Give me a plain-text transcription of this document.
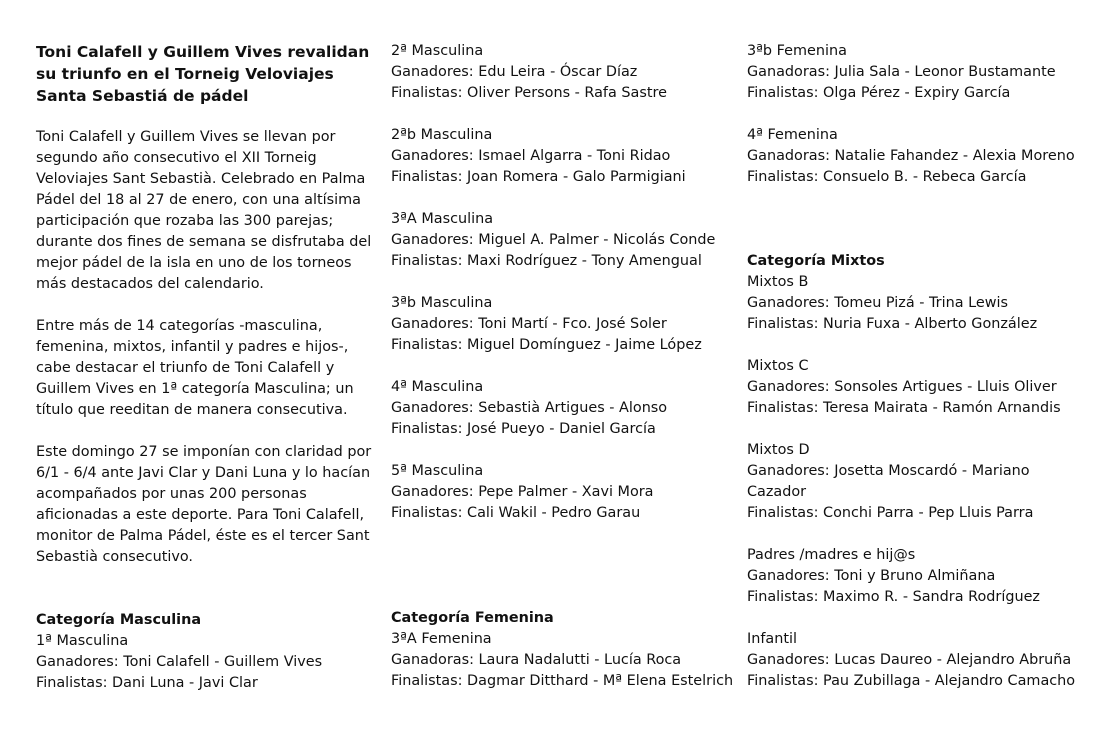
Toni Calafell y Guillem Vives revalidan
su triunfo en el Torneig Veloviajes
Santa Sebastiá de pádel
Toni Calafell y Guillem Vives se llevan por
segundo año consecutivo el XII Torneig
Veloviajes Sant Sebastià. Celebrado en Palma
Pádel del 18 al 27 de enero, con una altísima
participación que rozaba las 300 parejas;
durante dos fines de semana se disfrutaba del
mejor pádel de la isla en uno de los torneos
más destacados del calendario.
Entre más de 14 categorías -masculina,
femenina, mixtos, infantil y padres e hijos-,
cabe destacar el triunfo de Toni Calafell y
Guillem Vives en 1ª categoría Masculina; un
título que reeditan de manera consecutiva.
Este domingo 27 se imponían con claridad por
6/1 - 6/4 ante Javi Clar y Dani Luna y lo hacían
acompañados por unas 200 personas
aficionadas a este deporte. Para Toni Calafell,
monitor de Palma Pádel, éste es el tercer Sant
Sebastià consecutivo.
Categoría Masculina
1ª Masculina
Ganadores: Toni Calafell - Guillem Vives
Finalistas: Dani Luna - Javi Clar
2ª Masculina
Ganadores: Edu Leira - Óscar Díaz
Finalistas: Oliver Persons - Rafa Sastre
2ªb Masculina
Ganadores: Ismael Algarra - Toni Ridao
Finalistas: Joan Romera - Galo Parmigiani
3ªA Masculina
Ganadores: Miguel A. Palmer - Nicolás Conde
Finalistas: Maxi Rodríguez - Tony Amengual
3ªb Masculina
Ganadores: Toni Martí - Fco. José Soler
Finalistas: Miguel Domínguez - Jaime López
4ª Masculina
Ganadores: Sebastià Artigues - Alonso
Finalistas: José Pueyo - Daniel García
5ª Masculina
Ganadores: Pepe Palmer - Xavi Mora
Finalistas: Cali Wakil - Pedro Garau
Categoría Femenina
3ªA Femenina
Ganadoras: Laura Nadalutti - Lucía Roca
Finalistas: Dagmar Ditthard - Mª Elena Estelrich
3ªb Femenina
Ganadoras: Julia Sala - Leonor Bustamante
Finalistas: Olga Pérez - Expiry García
4ª Femenina
Ganadoras: Natalie Fahandez - Alexia Moreno
Finalistas: Consuelo B. - Rebeca García
Categoría Mixtos
Mixtos B
Ganadores: Tomeu Pizá - Trina Lewis
Finalistas: Nuria Fuxa - Alberto González
Mixtos C
Ganadores: Sonsoles Artigues - Lluis Oliver
Finalistas: Teresa Mairata - Ramón Arnandis
Mixtos D
Ganadores: Josetta Moscardó - Mariano
Cazador
Finalistas: Conchi Parra - Pep Lluis Parra
Padres /madres e hij@s
Ganadores: Toni y Bruno Almiñana
Finalistas: Maximo R. - Sandra Rodríguez
Infantil
Ganadores: Lucas Daureo - Alejandro Abruña
Finalistas: Pau Zubillaga - Alejandro Camacho
